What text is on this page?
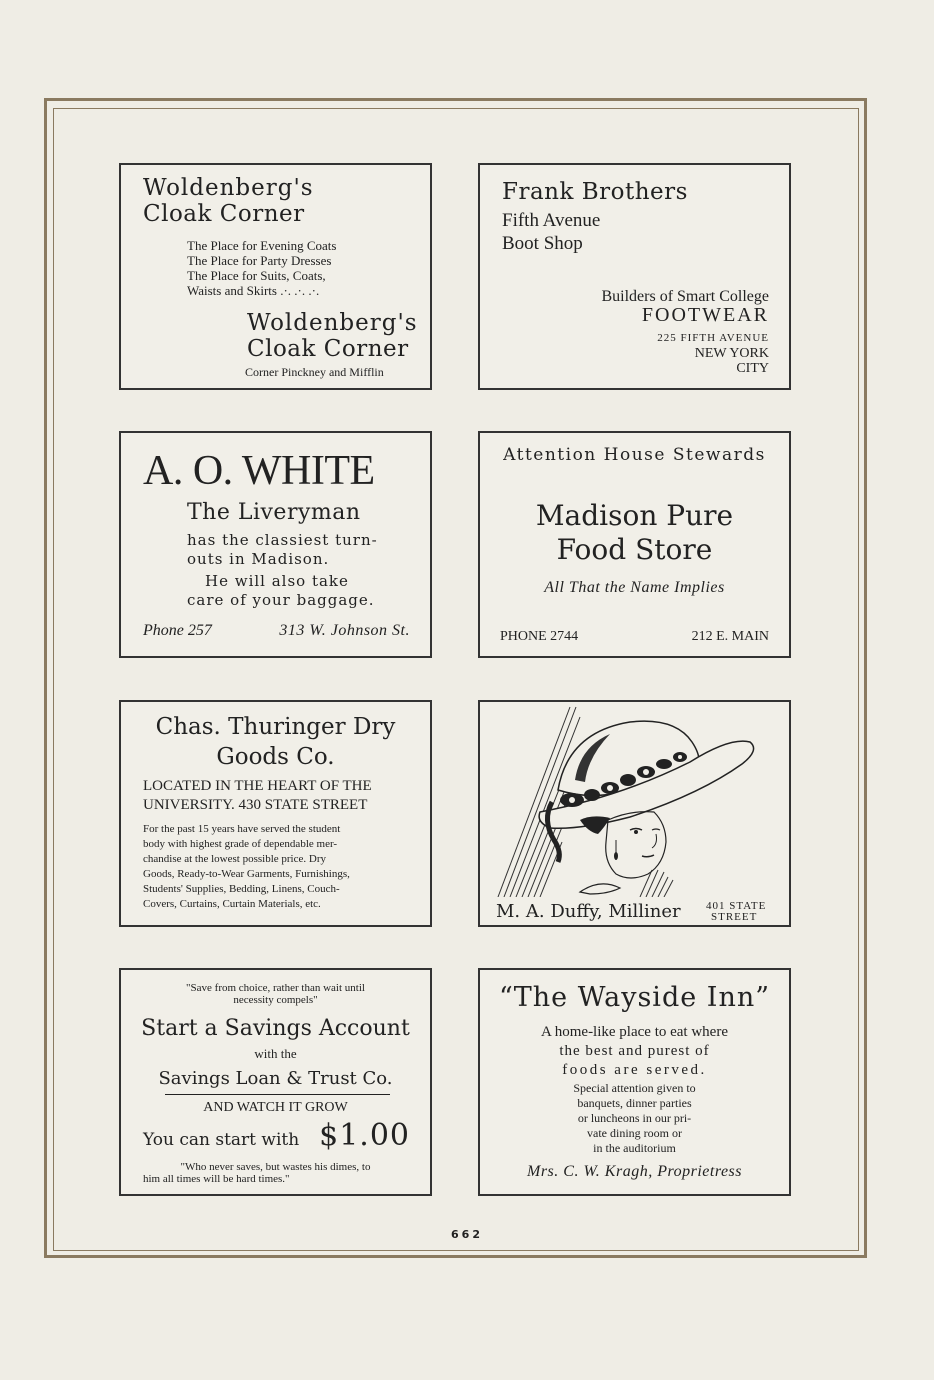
Woldenberg's
Cloak Corner
The Place for Evening Coats
The Place for Party Dresses
The Place for Suits, Coats,
Waists and Skirts .·. .·. .·.
Woldenberg's
Cloak Corner
Corner Pinckney and Mifflin
Frank Brothers
Fifth Avenue
Boot Shop
Builders of Smart College
FOOTWEAR
225 FIFTH AVENUE
NEW YORK
CITY
A. O. WHITE
The Liveryman
has the classiest turn-
outs in Madison.
He will also take
care of your baggage.
Phone 257	313 W. Johnson St.
Attention House Stewards
Madison Pure
Food Store
All That the Name Implies
PHONE 2744	212 E. MAIN
Chas. Thuringer Dry
Goods Co.
LOCATED IN THE HEART OF THE
UNIVERSITY. 430 STATE STREET
For the past 15 years have served the student
body with highest grade of dependable mer-
chandise at the lowest possible price. Dry
Goods, Ready-to-Wear Garments, Furnishings,
Students' Supplies, Bedding, Linens, Couch-
Covers, Curtains, Curtain Materials, etc.	M. A. Duffy, Milliner 401 STATE
STREET
"Save from choice, rather than wait until
necessity compels"
Start a Savings Account
with the
Savings Loan & Trust Co.
AND WATCH IT GROW
You can start with $1.00
"Who never saves, but wastes his dimes, to
him all times will be hard times."
“The Wayside Inn”
A home-like place to eat where
the best and purest of
foods are served.
Special attention given to
banquets, dinner parties
or luncheons in our pri-
vate dining room or
in the auditorium
Mrs. C. W. Kragh, Proprietress
662
